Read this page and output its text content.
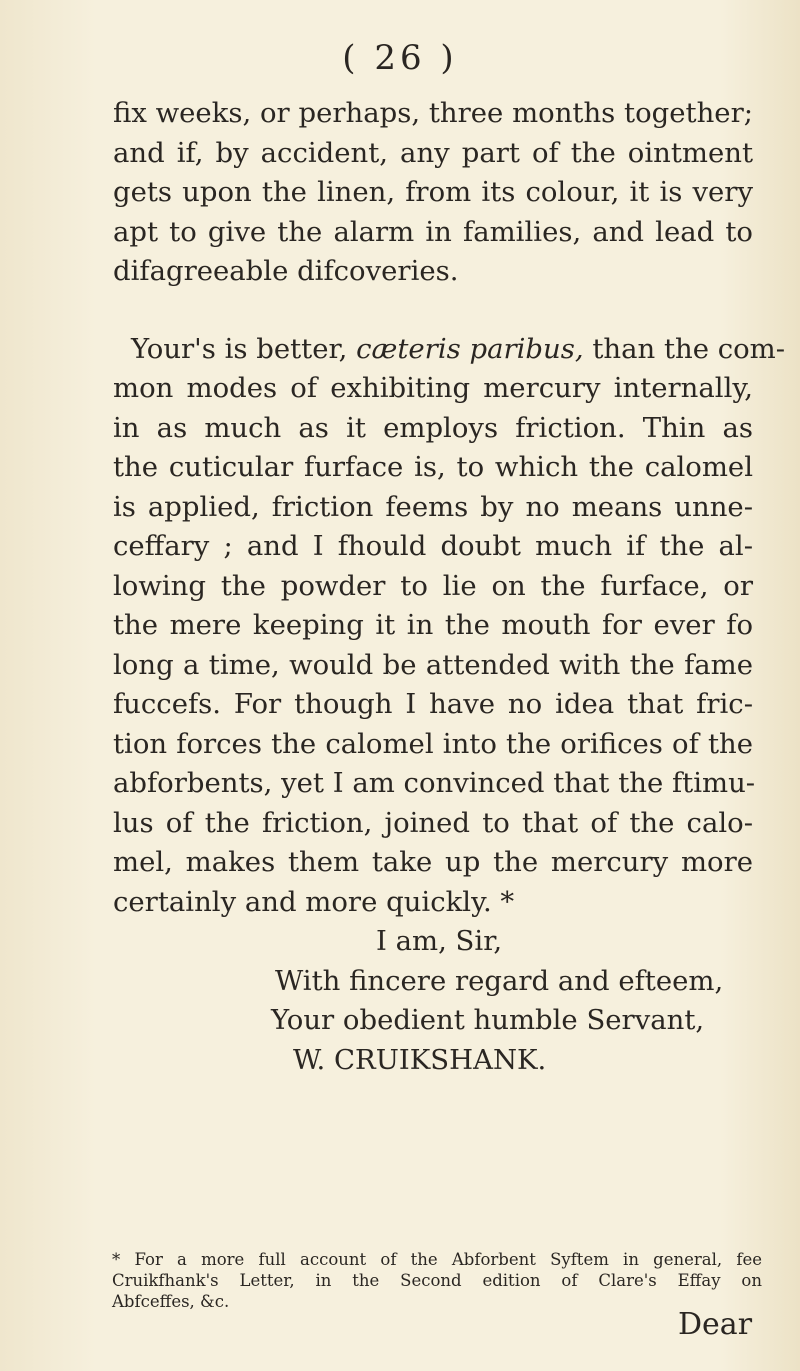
( 26 )
fix weeks, or perhaps, three months together;
and if, by accident, any part of the ointment
gets upon the linen, from its colour, it is very
apt to give the alarm in families, and lead to
difagreeable difcoveries.
Your's is better, cæteris paribus, than the com-
mon modes of exhibiting mercury internally,
in as much as it employs friction. Thin as
the cuticular furface is, to which the calomel
is applied, friction feems by no means unne-
ceffary ; and I fhould doubt much if the al-
lowing the powder to lie on the furface, or
the mere keeping it in the mouth for ever fo
long a time, would be attended with the fame
fuccefs. For though I have no idea that fric-
tion forces the calomel into the orifices of the
abforbents, yet I am convinced that the ftimu-
lus of the friction, joined to that of the calo-
mel, makes them take up the mercury more
certainly and more quickly. *
I am, Sir,
With fincere regard and efteem,
Your obedient humble Servant,
W. CRUIKSHANK.
* For a more full account of the Abforbent Syftem in general, fee
Cruikfhank's Letter, in the Second edition of Clare's Effay on
Abfceffes, &c.
Dear
